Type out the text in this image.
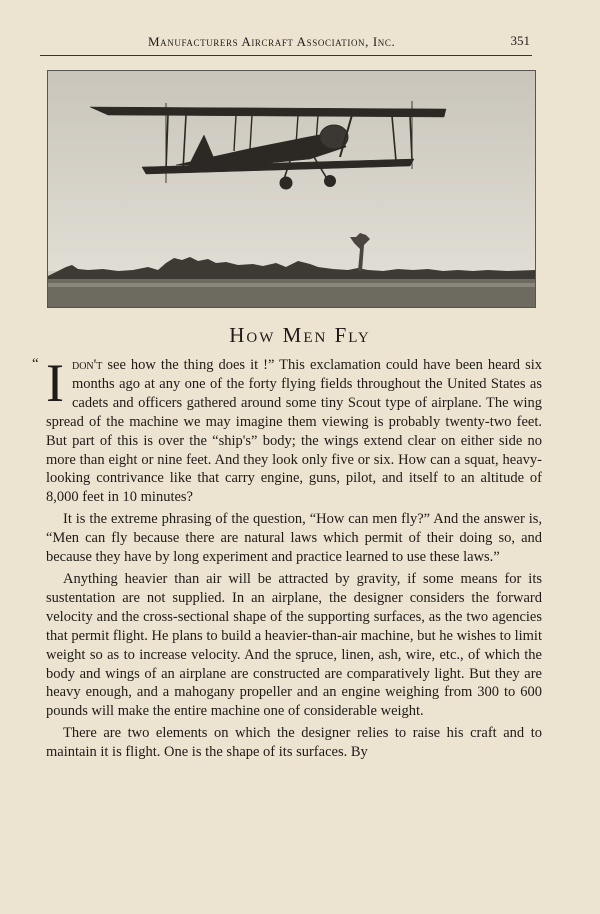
Manufacturers Aircraft Association, Inc.	351
How Men Fly
“ Idon't see how the thing does it !” This exclamation could have been heard six months ago at any one of the forty flying fields throughout the United States as cadets and officers gathered around some tiny Scout type of airplane. The wing spread of the machine we may imagine them viewing is probably twenty-two feet. But part of this is over the “ship's” body; the wings extend clear on either side no more than eight or nine feet. And they look only five or six. How can a squat, heavy-looking contrivance like that carry engine, guns, pilot, and itself to an altitude of 8,000 feet in 10 minutes?

It is the extreme phrasing of the question, “How can men fly?” And the answer is, “Men can fly because there are natural laws which permit of their doing so, and because they have by long experiment and practice learned to use these laws.”

Anything heavier than air will be attracted by gravity, if some means for its sustentation are not supplied. In an airplane, the designer considers the forward velocity and the cross-sectional shape of the supporting surfaces, as the two agencies that permit flight. He plans to build a heavier-than-air machine, but he wishes to limit weight so as to increase velocity. And the spruce, linen, ash, wire, etc., of which the body and wings of an airplane are constructed are comparatively light. But they are heavy enough, and a mahogany propeller and an engine weighing from 300 to 600 pounds will make the entire machine one of considerable weight.

There are two elements on which the designer relies to raise his craft and to maintain it is flight. One is the shape of its surfaces. By
